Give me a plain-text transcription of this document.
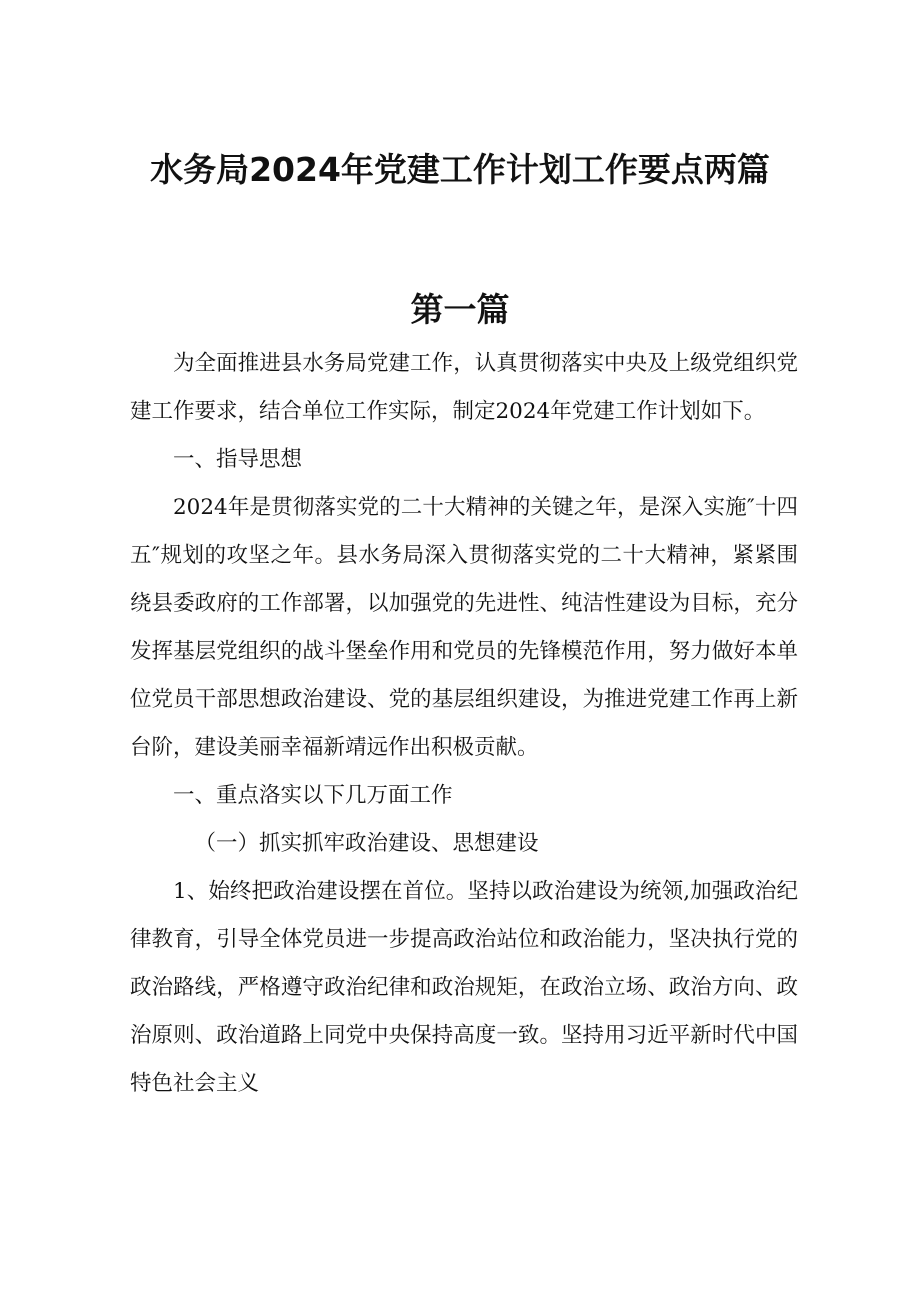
水务局2024年党建工作计划工作要点两篇
第一篇

为全面推进县水务局党建工作，认真贯彻落实中央及上级党组织党建工作要求，结合单位工作实际，制定2024年党建工作计划如下。

一、指导思想

2024年是贯彻落实党的二十大精神的关键之年，是深入实施″十四五″规划的攻坚之年。县水务局深入贯彻落实党的二十大精神，紧紧围绕县委政府的工作部署，以加强党的先进性、纯洁性建设为目标，充分发挥基层党组织的战斗堡垒作用和党员的先锋模范作用，努力做好本单位党员干部思想政治建设、党的基层组织建设，为推进党建工作再上新台阶，建设美丽幸福新靖远作出积极贡献。

一、重点洛实以下几万面工作

（一）抓实抓牢政治建设、思想建设

1、始终把政治建设摆在首位。坚持以政治建设为统领,加强政治纪律教育，引导全体党员进一步提高政治站位和政治能力，坚决执行党的政治路线，严格遵守政治纪律和政治规矩，在政治立场、政治方向、政治原则、政治道路上同党中央保持高度一致。坚持用习近平新时代中国特色社会主义
